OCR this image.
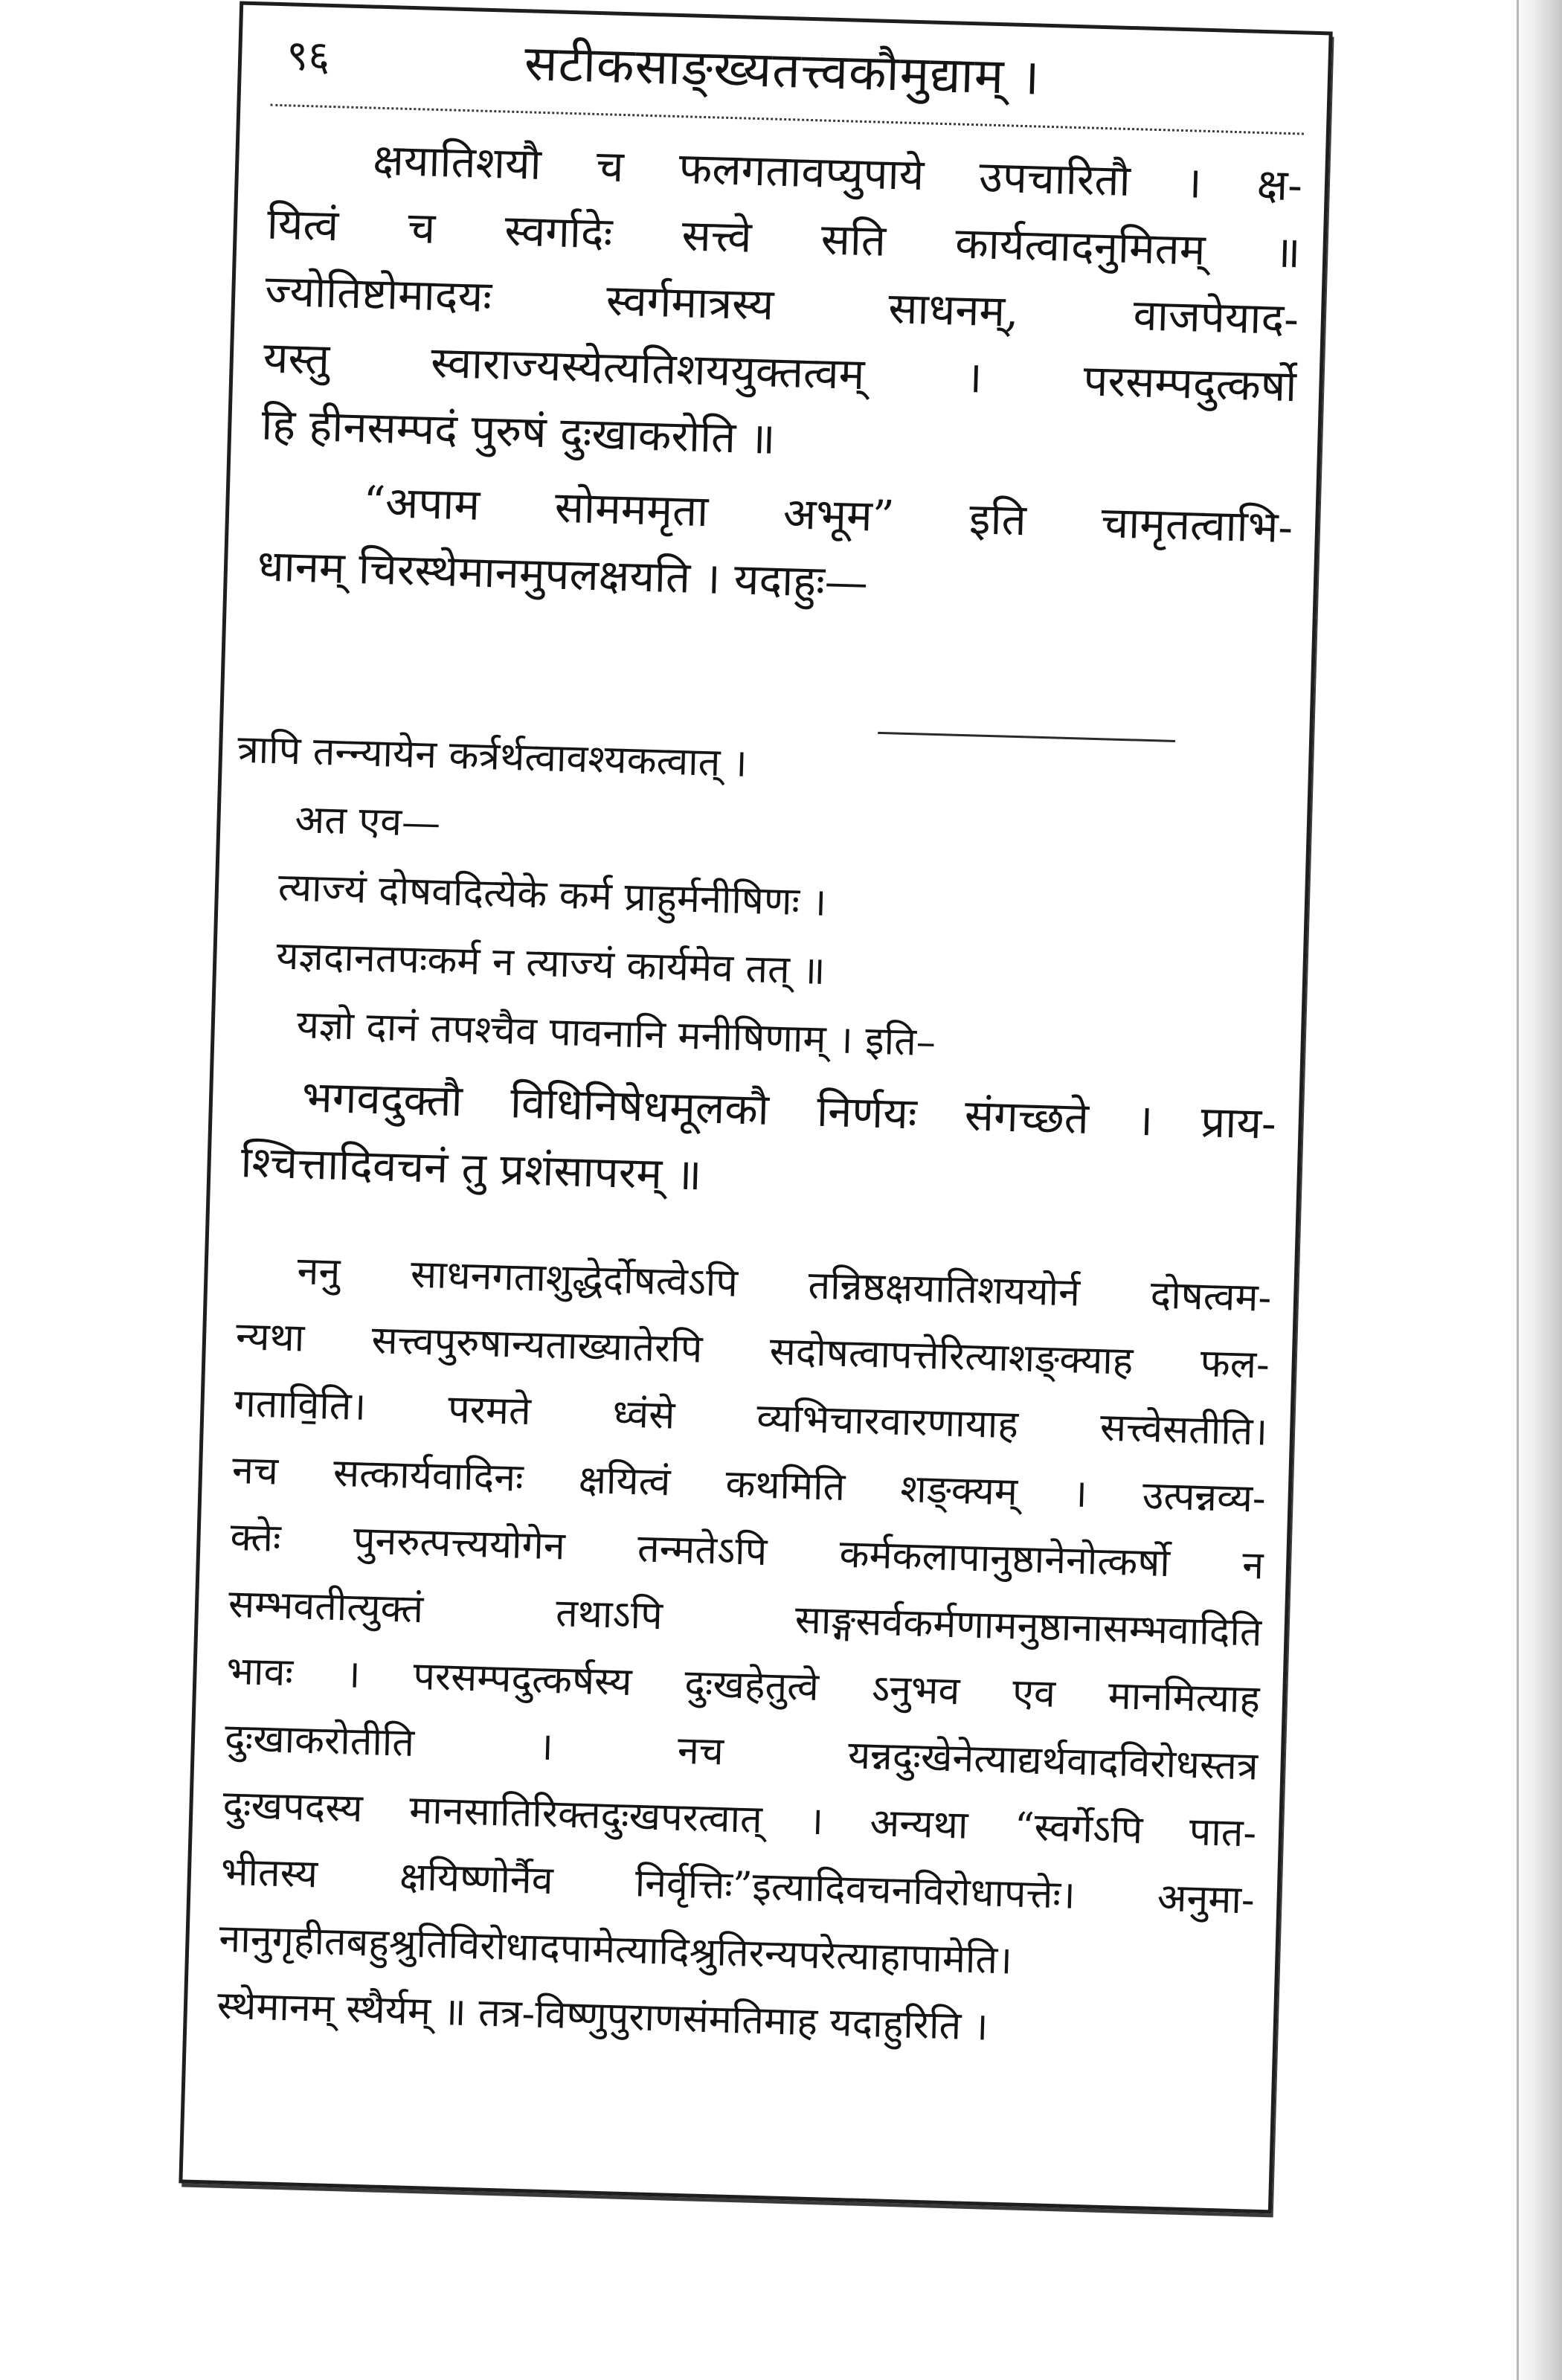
९६	सटीकसाङ्ख्यतत्त्वकौमुद्याम् ।
क्षयातिशयौ च फलगतावप्युपाये उपचारितौ । क्ष-
यित्वं च स्वर्गादेः सत्त्वे सति कार्यत्वादनुमितम् ॥
ज्योतिष्टोमादयः स्वर्गमात्रस्य साधनम्, वाजपेयाद-
यस्तु स्वाराज्यस्येत्यतिशययुक्तत्वम् । परसम्पदुत्कर्षो
हि हीनसम्पदं पुरुषं दुःखाकरोति ॥
“अपाम सोमममृता अभूम” इति चामृतत्वाभि-
धानम् चिरस्थेमानमुपलक्षयति । यदाहुः—
त्रापि तन्न्यायेन कर्त्रर्थत्वावश्यकत्वात् ।
अत एव—
त्याज्यं दोषवदित्येके कर्म प्राहुर्मनीषिणः ।
यज्ञदानतपःकर्म न त्याज्यं कार्यमेव तत् ॥
यज्ञो दानं तपश्चैव पावनानि मनीषिणाम् । इति–
भगवदुक्तौ विधिनिषेधमूलकौ निर्णयः संगच्छते । प्राय-
श्चित्तादिवचनं तु प्रशंसापरम् ॥
ननु साधनगताशुद्धेर्दोषत्वेऽपि तन्निष्ठक्षयातिशययोर्न दोषत्वम-
न्यथा सत्त्वपुरुषान्यताख्यातेरपि सदोषत्वापत्तेरित्याशङ्क्याह फल-
गतावि॒ति। परमते ध्वंसे व्यभिचारवारणायाह सत्त्वेसतीति।
नच सत्कार्यवादिनः क्षयित्वं कथमिति शङ्क्यम् । उत्पन्नव्य-
क्तेः पुनरुत्पत्त्ययोगेन तन्मतेऽपि कर्मकलापानुष्ठानेनोत्कर्षो न
सम्भवतीत्युक्तं तथाऽपि साङ्गसर्वकर्मणामनुष्ठानासम्भवादिति
भावः । परसम्पदुत्कर्षस्य दुःखहेतुत्वे ऽनुभव एव मानमित्याह
दुःखाकरोतीति । नच यन्नदुःखेनेत्याद्यर्थवादविरोधस्तत्र
दुःखपदस्य मानसातिरिक्तदुःखपरत्वात् । अन्यथा “स्वर्गेऽपि पात-
भीतस्य क्षयिष्णोर्नैव निर्वृत्तिः”इत्यादिवचनविरोधापत्तेः। अनुमा-
नानुगृहीतबहुश्रुतिविरोधादपामेत्यादिश्रुतिरन्यपरेत्याहापामेति।
स्थेमानम् स्थैर्यम् ॥ तत्र-विष्णुपुराणसंमतिमाह यदाहुरिति ।
